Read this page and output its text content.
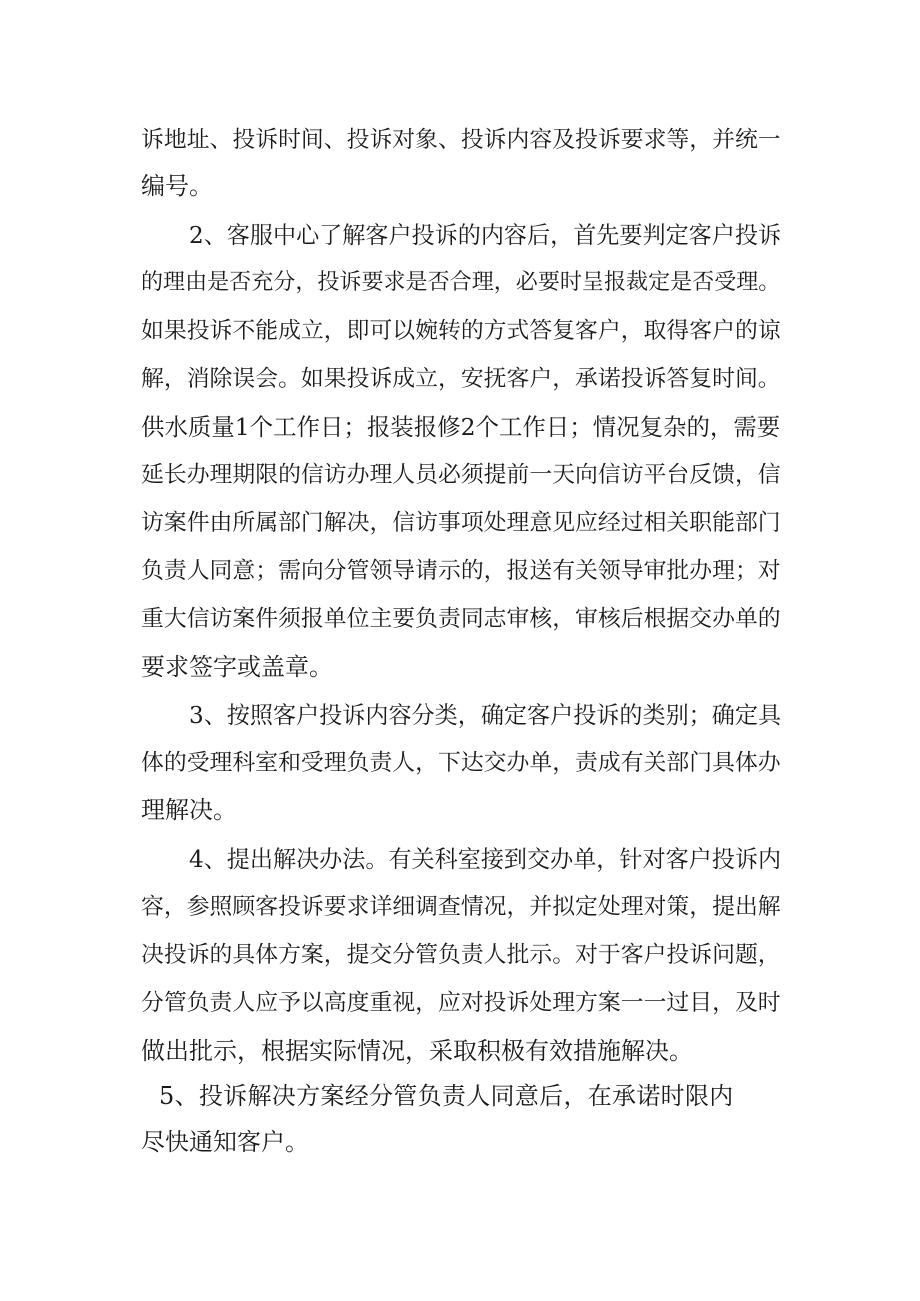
诉地址、投诉时间、投诉对象、投诉内容及投诉要求等，并统一
编号。
2、客服中心了解客户投诉的内容后，首先要判定客户投诉
的理由是否充分，投诉要求是否合理，必要时呈报裁定是否受理。
如果投诉不能成立，即可以婉转的方式答复客户，取得客户的谅
解，消除误会。如果投诉成立，安抚客户，承诺投诉答复时间。
供水质量1个工作日；报装报修2个工作日；情况复杂的，需要
延长办理期限的信访办理人员必须提前一天向信访平台反馈，信
访案件由所属部门解决，信访事项处理意见应经过相关职能部门
负责人同意；需向分管领导请示的，报送有关领导审批办理；对
重大信访案件须报单位主要负责同志审核，审核后根据交办单的
要求签字或盖章。
3、按照客户投诉内容分类，确定客户投诉的类别；确定具
体的受理科室和受理负责人，下达交办单，责成有关部门具体办
理解决。
4、提出解决办法。有关科室接到交办单，针对客户投诉内
容，参照顾客投诉要求详细调查情况，并拟定处理对策，提出解
决投诉的具体方案，提交分管负责人批示。对于客户投诉问题，
分管负责人应予以高度重视，应对投诉处理方案一一过目，及时
做出批示，根据实际情况，采取积极有效措施解决。
5、投诉解决方案经分管负责人同意后，在承诺时限内
尽快通知客户。
